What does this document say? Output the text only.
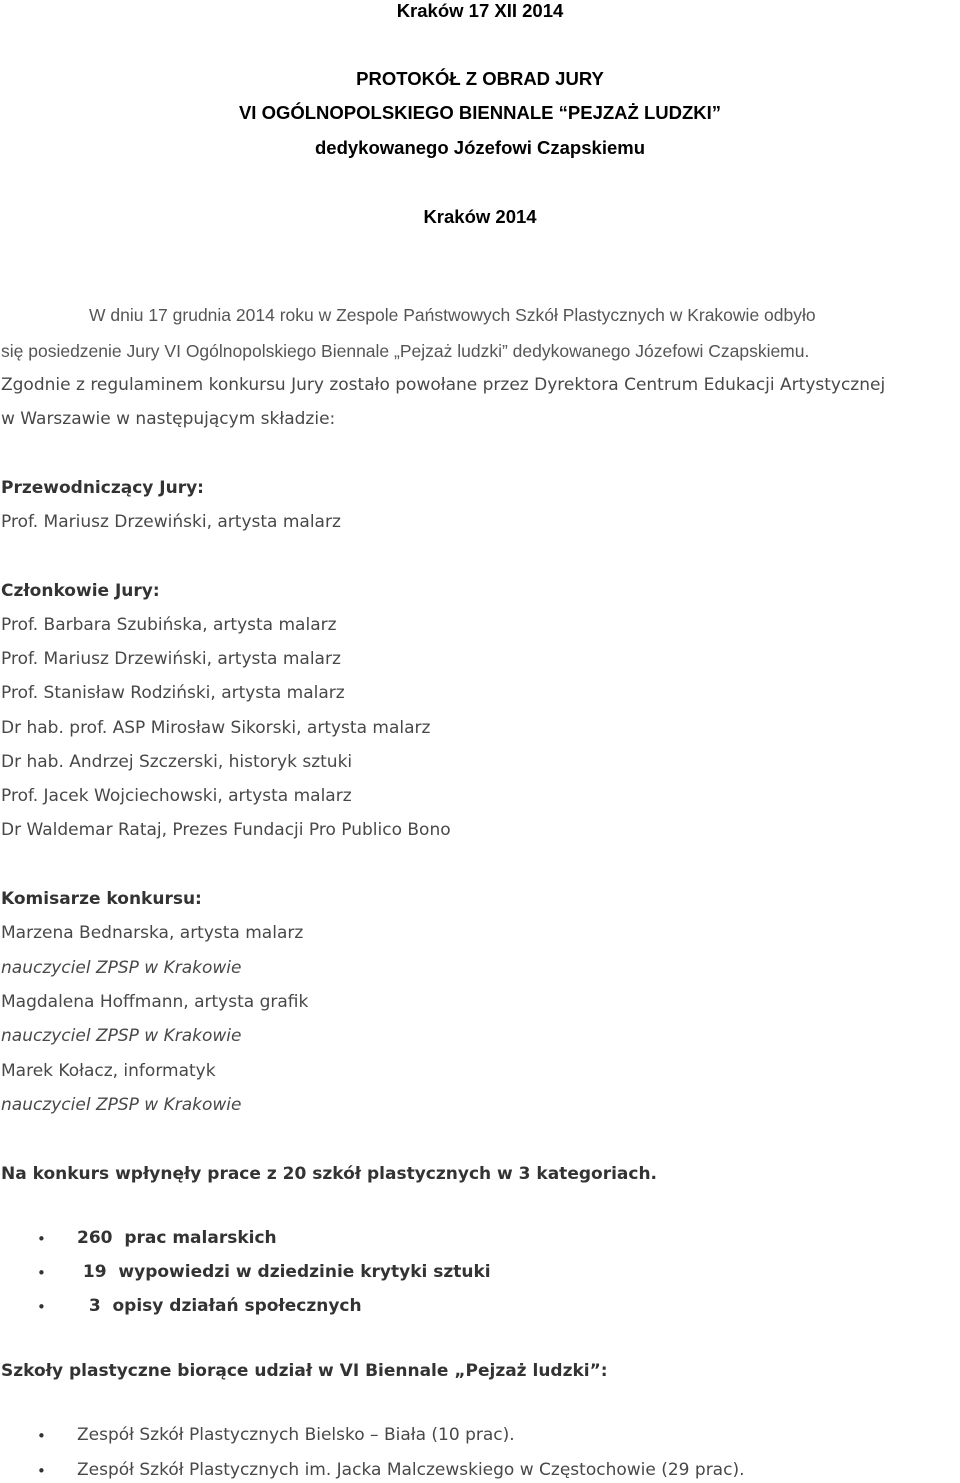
Kraków 17 XII 2014
PROTOKÓŁ Z OBRAD JURY
VI OGÓLNOPOLSKIEGO BIENNALE “PEJZAŻ LUDZKI”
dedykowanego Józefowi Czapskiemu
Kraków 2014
W dniu 17 grudnia 2014 roku w Zespole Państwowych Szkół Plastycznych w Krakowie odbyło
się posiedzenie Jury VI Ogólnopolskiego Biennale „Pejzaż ludzki” dedykowanego Józefowi Czapskiemu.
Zgodnie z regulaminem konkursu Jury zostało powołane przez Dyrektora Centrum Edukacji Artystycznej
w Warszawie w następującym składzie:
Przewodniczący Jury:
Prof. Mariusz Drzewiński, artysta malarz
Członkowie Jury:
Prof. Barbara Szubińska, artysta malarz
Prof. Mariusz Drzewiński, artysta malarz
Prof. Stanisław Rodziński, artysta malarz
Dr hab. prof. ASP Mirosław Sikorski, artysta malarz
Dr hab. Andrzej Szczerski, historyk sztuki
Prof. Jacek Wojciechowski, artysta malarz
Dr Waldemar Rataj, Prezes Fundacji Pro Publico Bono
Komisarze konkursu:
Marzena Bednarska, artysta malarz
nauczyciel ZPSP w Krakowie
Magdalena Hoffmann, artysta grafik
nauczyciel ZPSP w Krakowie
Marek Kołacz, informatyk
nauczyciel ZPSP w Krakowie
Na konkurs wpłynęły prace z 20 szkół plastycznych w 3 kategoriach.
• 260  prac malarskich
• 19  wypowiedzi w dziedzinie krytyki sztuki
• 3  opisy działań społecznych
Szkoły plastyczne biorące udział w VI Biennale „Pejzaż ludzki”:
• Zespół Szkół Plastycznych Bielsko – Biała (10 prac).
• Zespół Szkół Plastycznych im. Jacka Malczewskiego w Częstochowie (29 prac).
